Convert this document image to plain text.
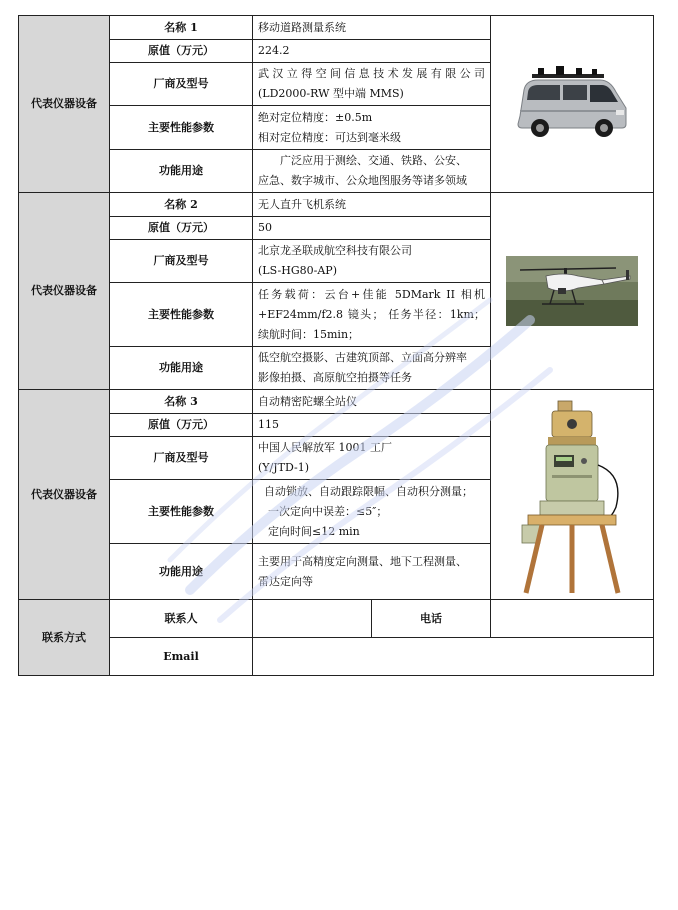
代表仪器设备	名称 1	移动道路测量系统	

	原值（万元）	224.2		
	厂商及型号	武汉立得空间信息技术发展有限公司
(LD2000-RW 型中端 MMS)		

	主要性能参数	绝对定位精度：±0.5m
相对定位精度：可达到毫米级		

	功能用途	广泛应用于测绘、交通、铁路、公安、
应急、数字城市、公众地图服务等诸多领域		

代表仪器设备	名称 2	无人直升飞机系统	

	原值（万元）	50		
	厂商及型号	北京龙圣联成航空科技有限公司
(LS-HG80-AP)		

	主要性能参数	任务载荷：云台+佳能 5DMark II 相机
+EF24mm/f2.8 镜头； 任务半径：1km；
续航时间：15min；		

	功能用途	低空航空摄影、古建筑顶部、立面高分辨率
影像拍摄、高原航空拍摄等任务		

代表仪器设备	名称 3	自动精密陀螺全站仪	

	原值（万元）	115		
	厂商及型号	中国人民解放军 1001 工厂
(Y/JTD-1)		

	主要性能参数	自动锁放、自动跟踪限幅、自动积分测量；
一次定向中误差：≤5″；
定向时间≤12 min		

	功能用途	主要用于高精度定向测量、地下工程测量、
雷达定向等		

联系方式	联系人		电话	
	Email			
